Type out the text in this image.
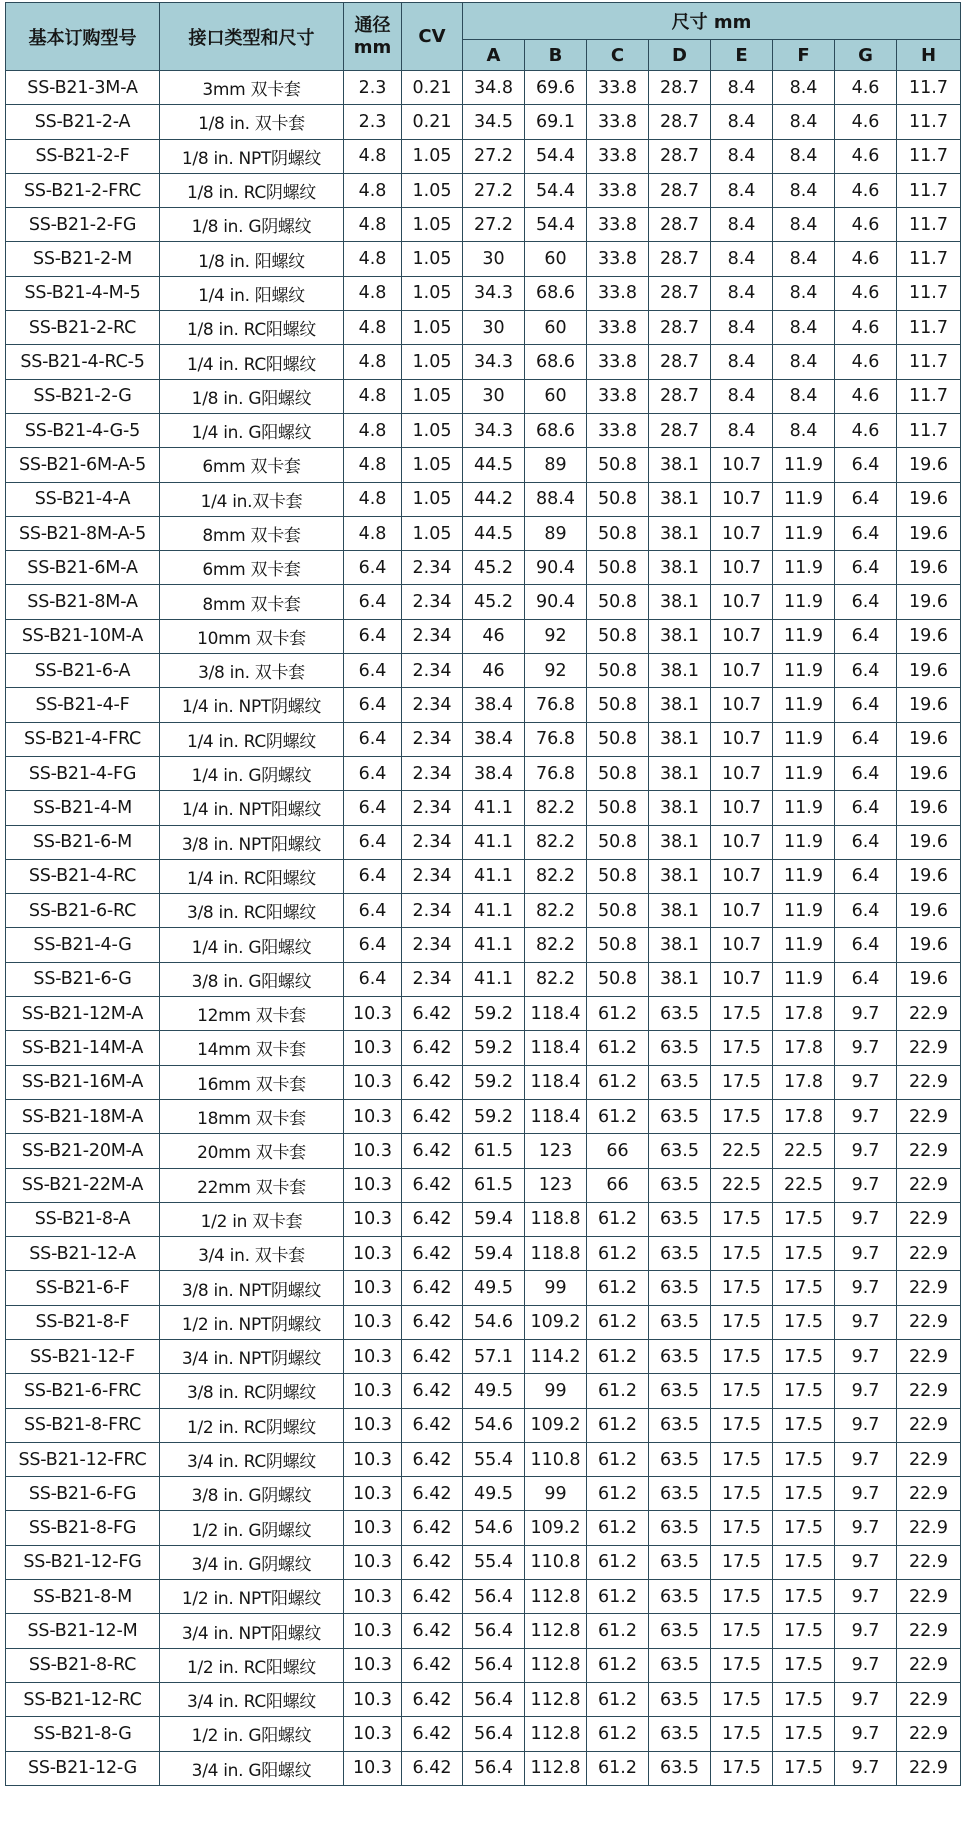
基本订购型号	接口类型和尺寸	通径
mm	CV	尺寸 mm							
				A	B	C	D	E	F	G	H
SS-B21-3M-A	3mm 双卡套	2.3	0.21	34.8	69.6	33.8	28.7	8.4	8.4	4.6	11.7
SS-B21-2-A	1/8 in. 双卡套	2.3	0.21	34.5	69.1	33.8	28.7	8.4	8.4	4.6	11.7
SS-B21-2-F	1/8 in. NPT阴螺纹	4.8	1.05	27.2	54.4	33.8	28.7	8.4	8.4	4.6	11.7
SS-B21-2-FRC	1/8 in. RC阴螺纹	4.8	1.05	27.2	54.4	33.8	28.7	8.4	8.4	4.6	11.7
SS-B21-2-FG	1/8 in. G阴螺纹	4.8	1.05	27.2	54.4	33.8	28.7	8.4	8.4	4.6	11.7
SS-B21-2-M	1/8 in. 阳螺纹	4.8	1.05	30	60	33.8	28.7	8.4	8.4	4.6	11.7
SS-B21-4-M-5	1/4 in. 阳螺纹	4.8	1.05	34.3	68.6	33.8	28.7	8.4	8.4	4.6	11.7
SS-B21-2-RC	1/8 in. RC阳螺纹	4.8	1.05	30	60	33.8	28.7	8.4	8.4	4.6	11.7
SS-B21-4-RC-5	1/4 in. RC阳螺纹	4.8	1.05	34.3	68.6	33.8	28.7	8.4	8.4	4.6	11.7
SS-B21-2-G	1/8 in. G阳螺纹	4.8	1.05	30	60	33.8	28.7	8.4	8.4	4.6	11.7
SS-B21-4-G-5	1/4 in. G阳螺纹	4.8	1.05	34.3	68.6	33.8	28.7	8.4	8.4	4.6	11.7
SS-B21-6M-A-5	6mm 双卡套	4.8	1.05	44.5	89	50.8	38.1	10.7	11.9	6.4	19.6
SS-B21-4-A	1/4 in.双卡套	4.8	1.05	44.2	88.4	50.8	38.1	10.7	11.9	6.4	19.6
SS-B21-8M-A-5	8mm 双卡套	4.8	1.05	44.5	89	50.8	38.1	10.7	11.9	6.4	19.6
SS-B21-6M-A	6mm 双卡套	6.4	2.34	45.2	90.4	50.8	38.1	10.7	11.9	6.4	19.6
SS-B21-8M-A	8mm 双卡套	6.4	2.34	45.2	90.4	50.8	38.1	10.7	11.9	6.4	19.6
SS-B21-10M-A	10mm 双卡套	6.4	2.34	46	92	50.8	38.1	10.7	11.9	6.4	19.6
SS-B21-6-A	3/8 in. 双卡套	6.4	2.34	46	92	50.8	38.1	10.7	11.9	6.4	19.6
SS-B21-4-F	1/4 in. NPT阴螺纹	6.4	2.34	38.4	76.8	50.8	38.1	10.7	11.9	6.4	19.6
SS-B21-4-FRC	1/4 in. RC阴螺纹	6.4	2.34	38.4	76.8	50.8	38.1	10.7	11.9	6.4	19.6
SS-B21-4-FG	1/4 in. G阴螺纹	6.4	2.34	38.4	76.8	50.8	38.1	10.7	11.9	6.4	19.6
SS-B21-4-M	1/4 in. NPT阳螺纹	6.4	2.34	41.1	82.2	50.8	38.1	10.7	11.9	6.4	19.6
SS-B21-6-M	3/8 in. NPT阳螺纹	6.4	2.34	41.1	82.2	50.8	38.1	10.7	11.9	6.4	19.6
SS-B21-4-RC	1/4 in. RC阳螺纹	6.4	2.34	41.1	82.2	50.8	38.1	10.7	11.9	6.4	19.6
SS-B21-6-RC	3/8 in. RC阳螺纹	6.4	2.34	41.1	82.2	50.8	38.1	10.7	11.9	6.4	19.6
SS-B21-4-G	1/4 in. G阳螺纹	6.4	2.34	41.1	82.2	50.8	38.1	10.7	11.9	6.4	19.6
SS-B21-6-G	3/8 in. G阳螺纹	6.4	2.34	41.1	82.2	50.8	38.1	10.7	11.9	6.4	19.6
SS-B21-12M-A	12mm 双卡套	10.3	6.42	59.2	118.4	61.2	63.5	17.5	17.8	9.7	22.9
SS-B21-14M-A	14mm 双卡套	10.3	6.42	59.2	118.4	61.2	63.5	17.5	17.8	9.7	22.9
SS-B21-16M-A	16mm 双卡套	10.3	6.42	59.2	118.4	61.2	63.5	17.5	17.8	9.7	22.9
SS-B21-18M-A	18mm 双卡套	10.3	6.42	59.2	118.4	61.2	63.5	17.5	17.8	9.7	22.9
SS-B21-20M-A	20mm 双卡套	10.3	6.42	61.5	123	66	63.5	22.5	22.5	9.7	22.9
SS-B21-22M-A	22mm 双卡套	10.3	6.42	61.5	123	66	63.5	22.5	22.5	9.7	22.9
SS-B21-8-A	1/2 in 双卡套	10.3	6.42	59.4	118.8	61.2	63.5	17.5	17.5	9.7	22.9
SS-B21-12-A	3/4 in. 双卡套	10.3	6.42	59.4	118.8	61.2	63.5	17.5	17.5	9.7	22.9
SS-B21-6-F	3/8 in. NPT阴螺纹	10.3	6.42	49.5	99	61.2	63.5	17.5	17.5	9.7	22.9
SS-B21-8-F	1/2 in. NPT阴螺纹	10.3	6.42	54.6	109.2	61.2	63.5	17.5	17.5	9.7	22.9
SS-B21-12-F	3/4 in. NPT阴螺纹	10.3	6.42	57.1	114.2	61.2	63.5	17.5	17.5	9.7	22.9
SS-B21-6-FRC	3/8 in. RC阴螺纹	10.3	6.42	49.5	99	61.2	63.5	17.5	17.5	9.7	22.9
SS-B21-8-FRC	1/2 in. RC阴螺纹	10.3	6.42	54.6	109.2	61.2	63.5	17.5	17.5	9.7	22.9
SS-B21-12-FRC	3/4 in. RC阴螺纹	10.3	6.42	55.4	110.8	61.2	63.5	17.5	17.5	9.7	22.9
SS-B21-6-FG	3/8 in. G阴螺纹	10.3	6.42	49.5	99	61.2	63.5	17.5	17.5	9.7	22.9
SS-B21-8-FG	1/2 in. G阴螺纹	10.3	6.42	54.6	109.2	61.2	63.5	17.5	17.5	9.7	22.9
SS-B21-12-FG	3/4 in. G阴螺纹	10.3	6.42	55.4	110.8	61.2	63.5	17.5	17.5	9.7	22.9
SS-B21-8-M	1/2 in. NPT阳螺纹	10.3	6.42	56.4	112.8	61.2	63.5	17.5	17.5	9.7	22.9
SS-B21-12-M	3/4 in. NPT阳螺纹	10.3	6.42	56.4	112.8	61.2	63.5	17.5	17.5	9.7	22.9
SS-B21-8-RC	1/2 in. RC阳螺纹	10.3	6.42	56.4	112.8	61.2	63.5	17.5	17.5	9.7	22.9
SS-B21-12-RC	3/4 in. RC阳螺纹	10.3	6.42	56.4	112.8	61.2	63.5	17.5	17.5	9.7	22.9
SS-B21-8-G	1/2 in. G阳螺纹	10.3	6.42	56.4	112.8	61.2	63.5	17.5	17.5	9.7	22.9
SS-B21-12-G	3/4 in. G阳螺纹	10.3	6.42	56.4	112.8	61.2	63.5	17.5	17.5	9.7	22.9
